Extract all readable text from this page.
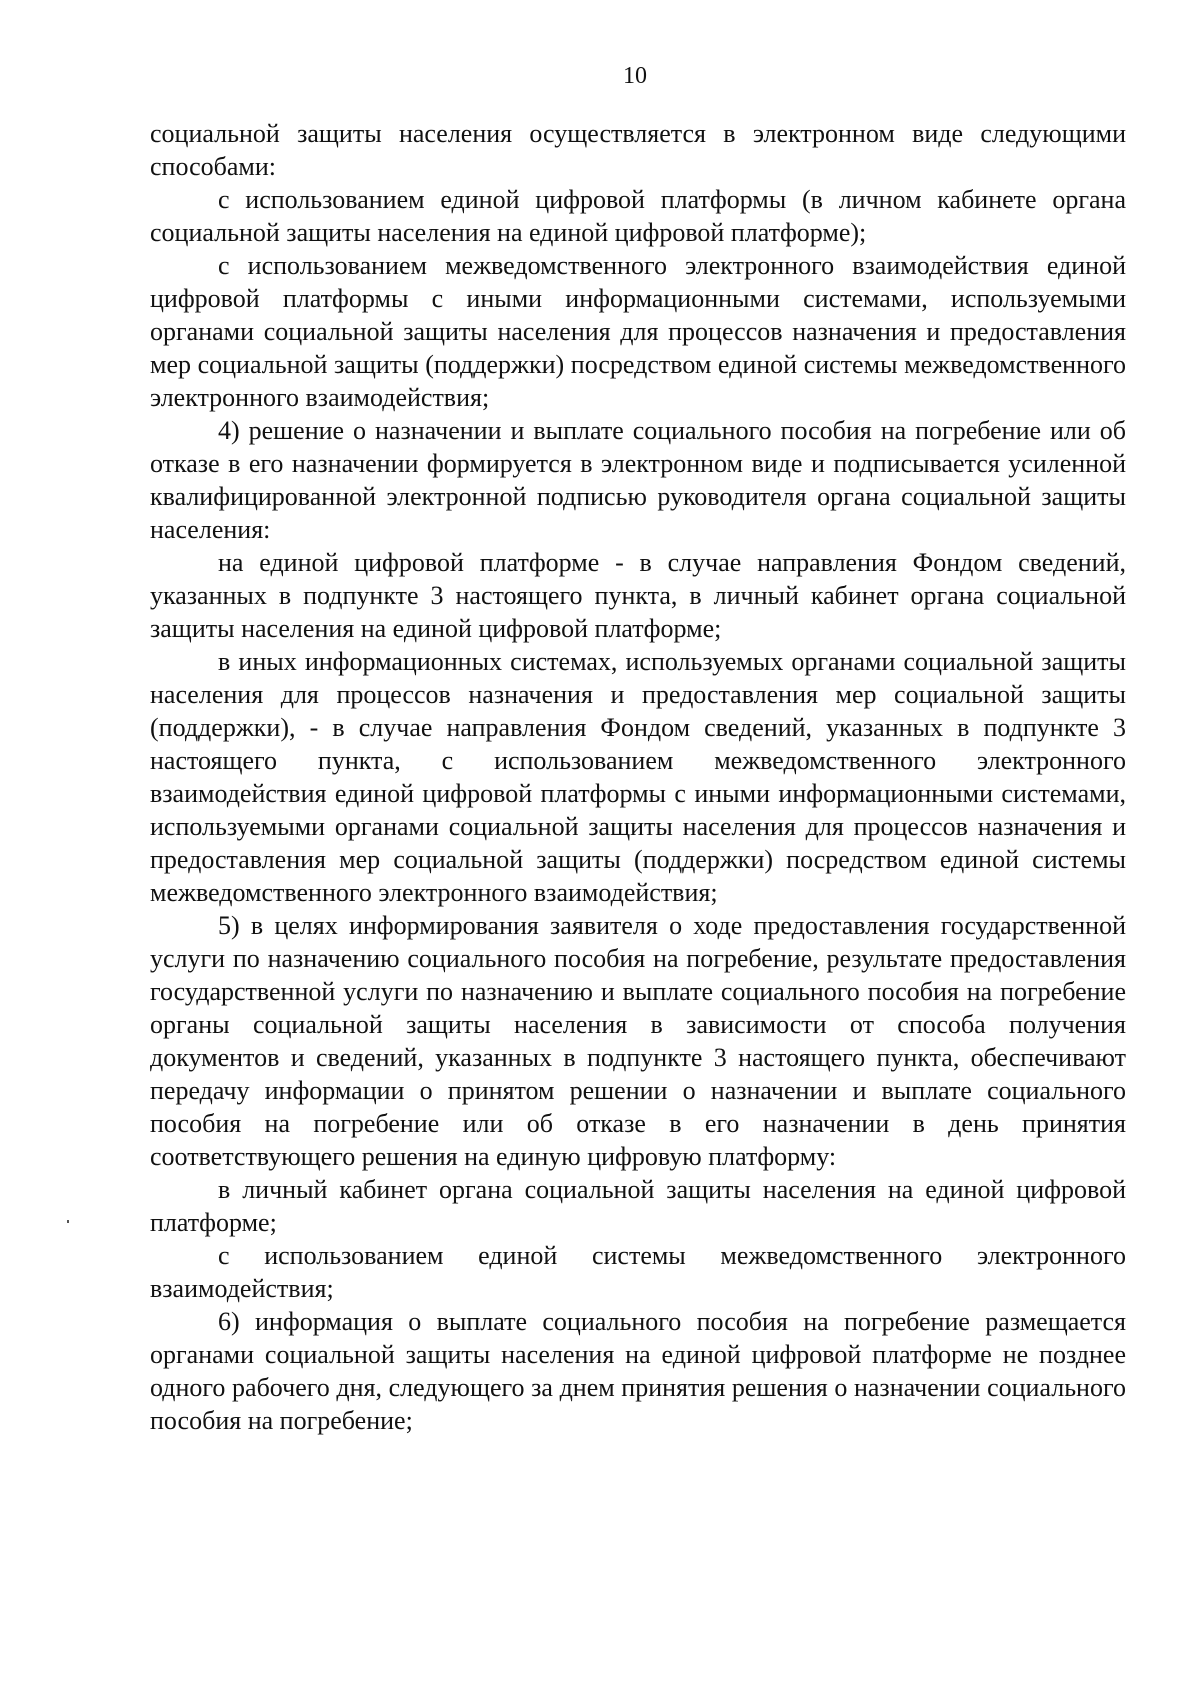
10

социальной защиты населения осуществляется в электронном виде следующими способами:

с использованием единой цифровой платформы (в личном кабинете органа социальной защиты населения на единой цифровой платформе);

с использованием межведомственного электронного взаимодействия единой цифровой платформы с иными информационными системами, используемыми органами социальной защиты населения для процессов назначения и предоставления мер социальной защиты (поддержки) посредством единой системы межведомственного электронного взаимодействия;

4) решение о назначении и выплате социального пособия на погребение или об отказе в его назначении формируется в электронном виде и подписывается усиленной квалифицированной электронной подписью руководителя органа социальной защиты населения:

на единой цифровой платформе - в случае направления Фондом сведений, указанных в подпункте 3 настоящего пункта, в личный кабинет органа социальной защиты населения на единой цифровой платформе;

в иных информационных системах, используемых органами социальной защиты населения для процессов назначения и предоставления мер социальной защиты (поддержки), - в случае направления Фондом сведений, указанных в подпункте 3 настоящего пункта, с использованием межведомственного электронного взаимодействия единой цифровой платформы с иными информационными системами, используемыми органами социальной защиты населения для процессов назначения и предоставления мер социальной защиты (поддержки) посредством единой системы межведомственного электронного взаимодействия;

5) в целях информирования заявителя о ходе предоставления государственной услуги по назначению социального пособия на погребение, результате предоставления государственной услуги по назначению и выплате социального пособия на погребение органы социальной защиты населения в зависимости от способа получения документов и сведений, указанных в подпункте 3 настоящего пункта, обеспечивают передачу информации о принятом решении о назначении и выплате социального пособия на погребение или об отказе в его назначении в день принятия соответствующего решения на единую цифровую платформу:

в личный кабинет органа социальной защиты населения на единой цифровой платформе;

с использованием единой системы межведомственного электронного взаимодействия;

6) информация о выплате социального пособия на погребение размещается органами социальной защиты населения на единой цифровой платформе не позднее одного рабочего дня, следующего за днем принятия решения о назначении социального пособия на погребение;
